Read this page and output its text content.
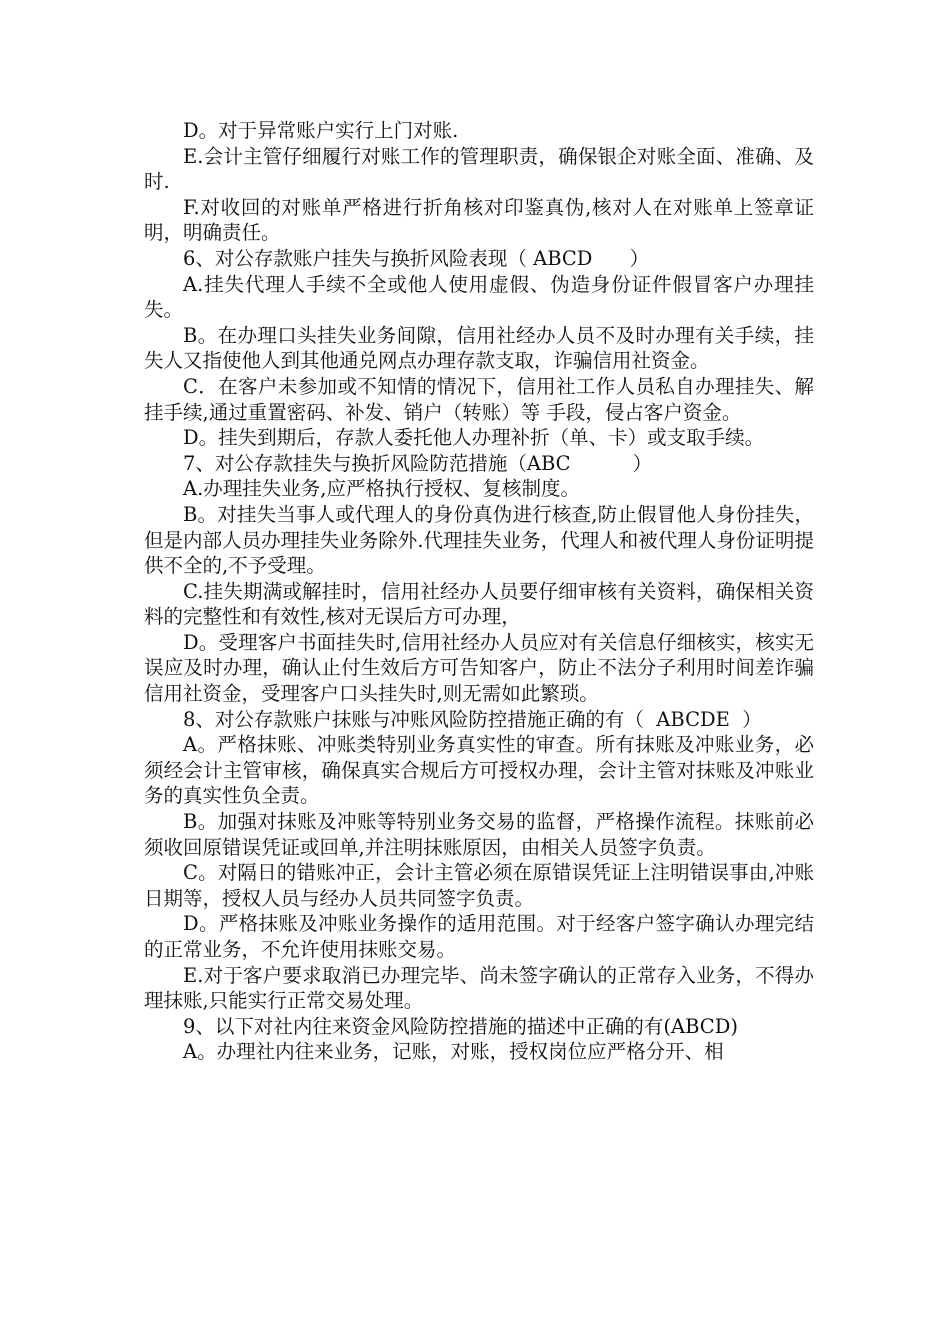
D。对于异常账户实行上门对账.

E.会计主管仔细履行对账工作的管理职责，确保银企对账全面、准确、及时.

F.对收回的对账单严格进行折角核对印鉴真伪,核对人在对账单上签章证明，明确责任。

6、对公存款账户挂失与换折风险表现（ ABCD      ）

A.挂失代理人手续不全或他人使用虚假、伪造身份证件假冒客户办理挂失。

B。在办理口头挂失业务间隙，信用社经办人员不及时办理有关手续，挂失人又指使他人到其他通兑网点办理存款支取，诈骗信用社资金。

C．在客户未参加或不知情的情况下，信用社工作人员私自办理挂失、解挂手续,通过重置密码、补发、销户（转账）等 手段，侵占客户资金。

D。挂失到期后，存款人委托他人办理补折（单、卡）或支取手续。

7、对公存款挂失与换折风险防范措施（ABC          ）

A.办理挂失业务,应严格执行授权、复核制度。

B。对挂失当事人或代理人的身份真伪进行核查,防止假冒他人身份挂失，但是内部人员办理挂失业务除外.代理挂失业务，代理人和被代理人身份证明提供不全的,不予受理。

C.挂失期满或解挂时，信用社经办人员要仔细审核有关资料，确保相关资料的完整性和有效性,核对无误后方可办理，

D。受理客户书面挂失时,信用社经办人员应对有关信息仔细核实，核实无误应及时办理，确认止付生效后方可告知客户，防止不法分子利用时间差诈骗信用社资金，受理客户口头挂失时,则无需如此繁琐。

8、对公存款账户抹账与冲账风险防控措施正确的有（  ABCDE  ）

A。严格抹账、冲账类特别业务真实性的审查。所有抹账及冲账业务，必须经会计主管审核，确保真实合规后方可授权办理，会计主管对抹账及冲账业务的真实性负全责。

B。加强对抹账及冲账等特别业务交易的监督，严格操作流程。抹账前必须收回原错误凭证或回单,并注明抹账原因，由相关人员签字负责。

C。对隔日的错账冲正，会计主管必须在原错误凭证上注明错误事由,冲账日期等，授权人员与经办人员共同签字负责。

D。严格抹账及冲账业务操作的适用范围。对于经客户签字确认办理完结的正常业务，不允许使用抹账交易。

E.对于客户要求取消已办理完毕、尚未签字确认的正常存入业务，不得办理抹账,只能实行正常交易处理。

9、以下对社内往来资金风险防控措施的描述中正确的有(ABCD)

A。办理社内往来业务，记账，对账，授权岗位应严格分开、相
